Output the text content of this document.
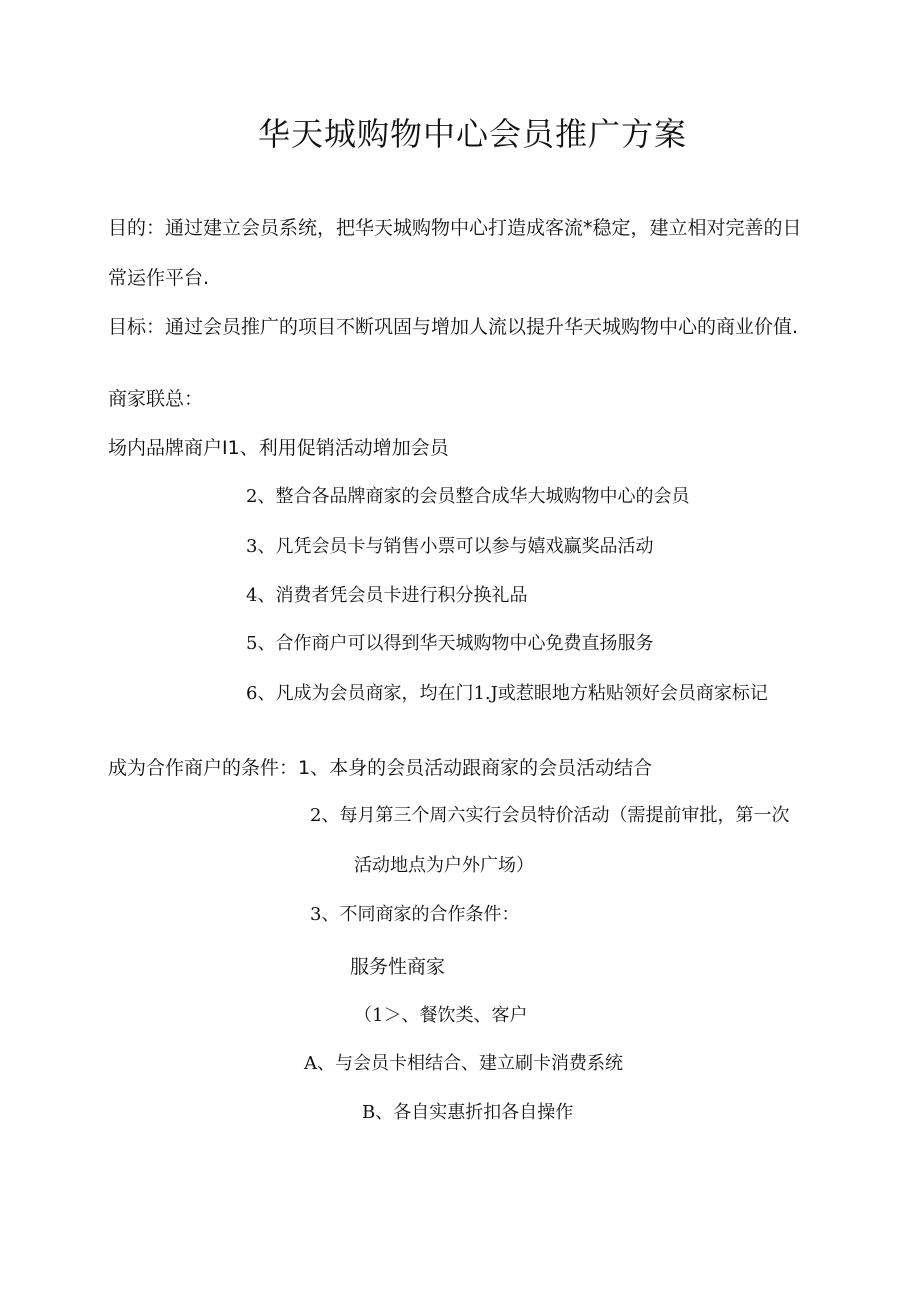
华天城购物中心会员推广方案
目的：通过建立会员系统，把华天城购物中心打造成客流*稳定，建立相对完善的日
常运作平台.
目标：通过会员推广的项目不断巩固与增加人流以提升华天城购物中心的商业价值.
商家联总：
场内品牌商户I1、利用促销活动增加会员
2、整合各品牌商家的会员整合成华大城购物中心的会员
3、凡凭会员卡与销售小票可以参与嬉戏赢奖品活动
4、消费者凭会员卡进行积分换礼品
5、合作商户可以得到华天城购物中心免费直扬服务
6、凡成为会员商家，均在门1.J或惹眼地方粘贴领好会员商家标记
成为合作商户的条件：1、本身的会员活动跟商家的会员活动结合
2、每月第三个周六实行会员特价活动（需提前审批，第一次
活动地点为户外广场）
3、不同商家的合作条件：
服务性商家
（1＞、餐饮类、客户
A、与会员卡相结合、建立刷卡消费系统
B、各自实惠折扣各自操作
